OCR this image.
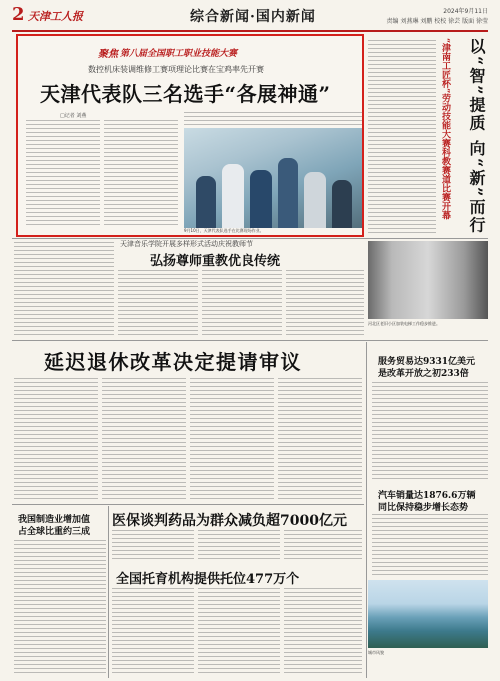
2 天津工人报	综合新闻·国内新闻	2024年9月11日
责编 刘燕琳 刘鹏 校校 徐芸 版面 徐莹
聚焦 第八届全国职工职业技能大赛
数控机床装调维修工赛项理论比赛在宝鸡率先开赛
天津代表队三名选手“各展神通”
□记者 刘燕
9月10日，天津代表队选手在比赛现场作业。
“津南工匠杯”劳动技能大赛科教赛道比赛开幕	以“智”提质 向“新”而行
天津音乐学院开展多样形式活动庆祝教师节
弘扬尊师重教优良传统
河北区老旧小区加装电梯工作稳步推进。
延迟退休改革决定提请审议	服务贸易达9331亿美元
是改革开放之初233倍
我国制造业增加值
占全球比重约三成
医保谈判药品为群众减负超7000亿元
汽车销量达1876.6万辆
同比保持稳步增长态势
全国托育机构提供托位477万个
城市风貌
